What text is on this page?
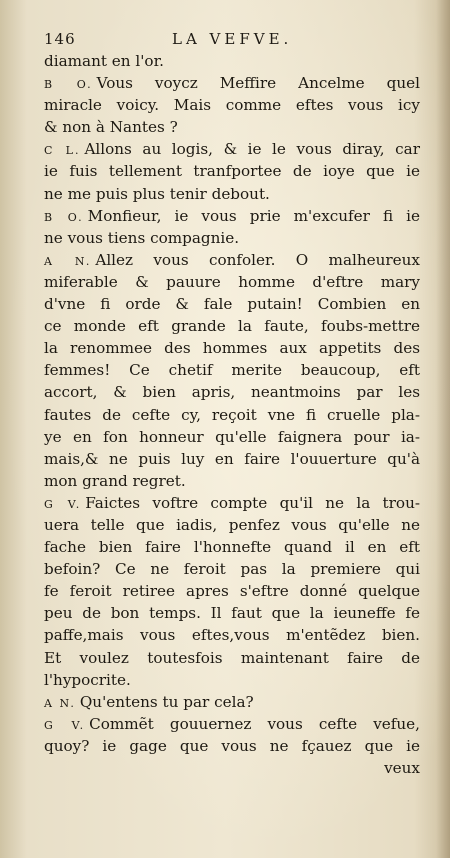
146	LA VEFVE.
diamant en l'or.
B O. Vous voycz Meffire Ancelme quel
miracle voicy. Mais comme eftes vous icy
& non à Nantes ?
C L. Allons au logis, & ie le vous diray, car
ie fuis tellement tranfportee de ioye que ie
ne me puis plus tenir debout.
B O. Monfieur, ie vous prie m'excufer fi ie
ne vous tiens compagnie.
A N. Allez vous confoler. O malheureux
miferable & pauure homme d'eftre mary
d'vne fi orde & fale putain! Combien en
ce monde eft grande la faute, foubs-mettre
la renommee des hommes aux appetits des
femmes! Ce chetif merite beaucoup, eft
accort, & bien apris, neantmoins par les
fautes de cefte cy, reçoit vne fi cruelle pla-
ye en fon honneur qu'elle faignera pour ia-
mais,& ne puis luy en faire l'ouuerture qu'à
mon grand regret.
G V. Faictes voftre compte qu'il ne la trou-
uera telle que iadis, penfez vous qu'elle ne
fache bien faire l'honnefte quand il en eft
befoin? Ce ne feroit pas la premiere qui
fe feroit retiree apres s'eftre donné quelque
peu de bon temps. Il faut que la ieuneffe fe
paffe,mais vous eftes,vous m'entẽdez bien.
Et voulez toutesfois maintenant faire de
l'hypocrite.
A N. Qu'entens tu par cela?
G V. Commẽt gouuernez vous cefte vefue,
quoy? ie gage que vous ne fçauez que ie
veux
